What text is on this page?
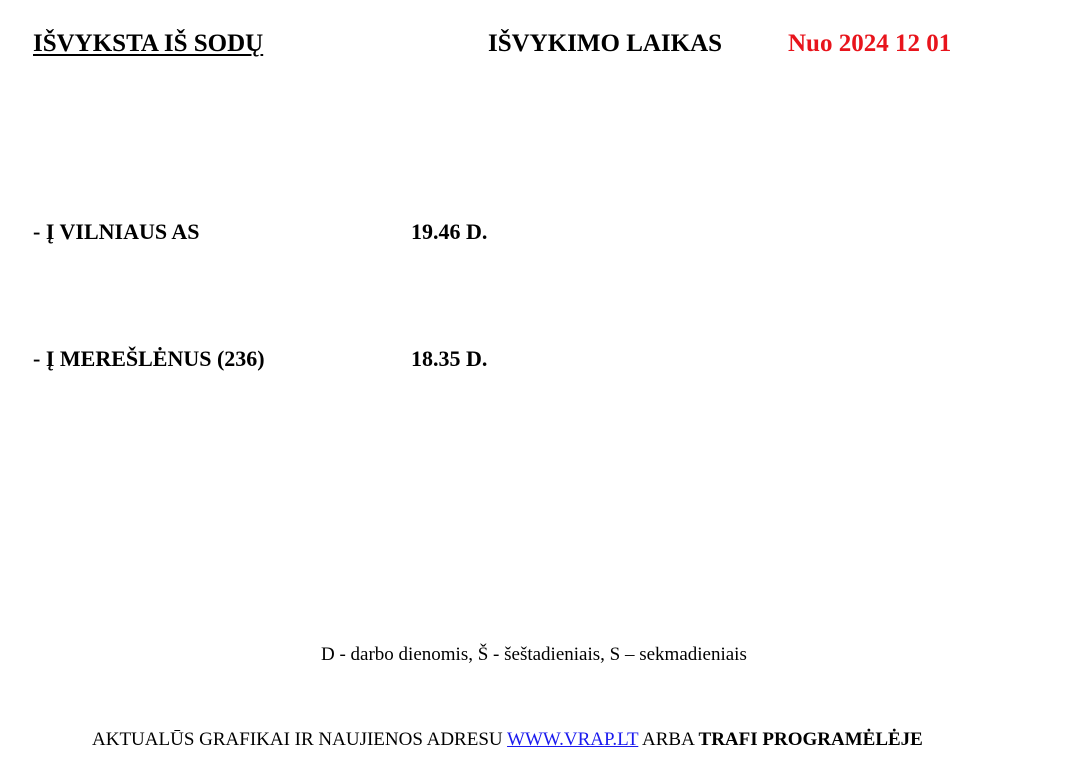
IŠVYKSTA IŠ SODŲ	IŠVYKIMO LAIKAS	Nuo 2024 12 01
- Į VILNIAUS AS	19.46 D.
- Į MEREŠLĖNUS (236)	18.35 D.
D - darbo dienomis, Š - šeštadieniais, S – sekmadieniais
AKTUALŪS GRAFIKAI IR NAUJIENOS ADRESU WWW.VRAP.LT ARBA TRAFI PROGRAMĖLĖJE
